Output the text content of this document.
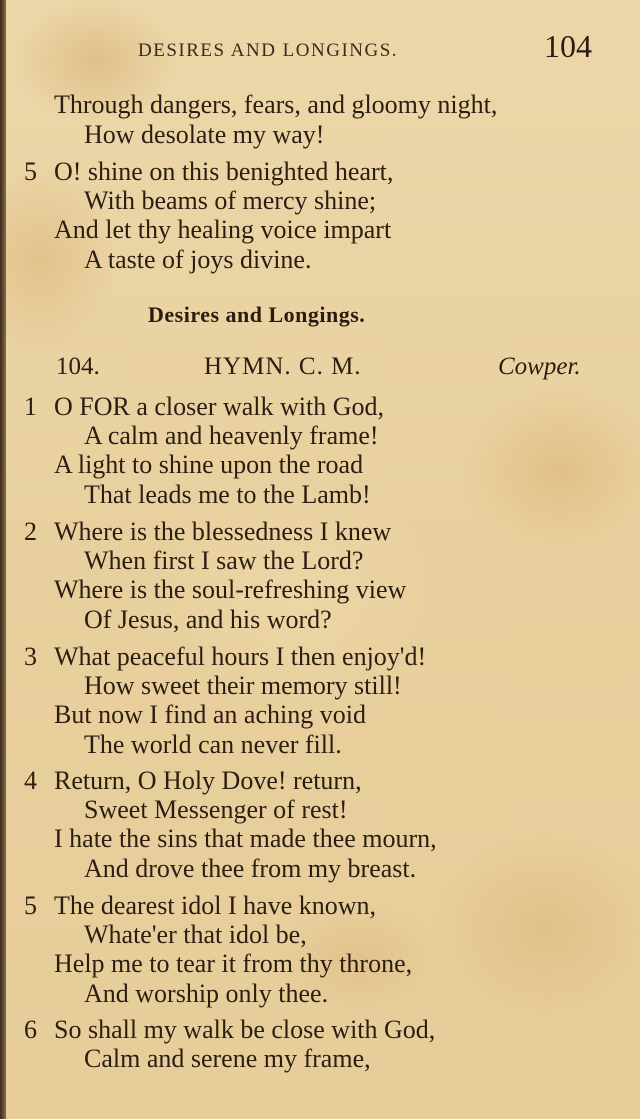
DESIRES AND LONGINGS.	104
Through dangers, fears, and gloomy night,
How desolate my way!
5 O! shine on this benighted heart,
With beams of mercy shine;
And let thy healing voice impart
A taste of joys divine.
Desires and Longings.
104.	HYMN. C. M.	Cowper.
1 O FOR a closer walk with God,
A calm and heavenly frame!
A light to shine upon the road
That leads me to the Lamb!
2 Where is the blessedness I knew
When first I saw the Lord?
Where is the soul-refreshing view
Of Jesus, and his word?
3 What peaceful hours I then enjoy'd!
How sweet their memory still!
But now I find an aching void
The world can never fill.
4 Return, O Holy Dove! return,
Sweet Messenger of rest!
I hate the sins that made thee mourn,
And drove thee from my breast.
5 The dearest idol I have known,
Whate'er that idol be,
Help me to tear it from thy throne,
And worship only thee.
6 So shall my walk be close with God,
Calm and serene my frame,
